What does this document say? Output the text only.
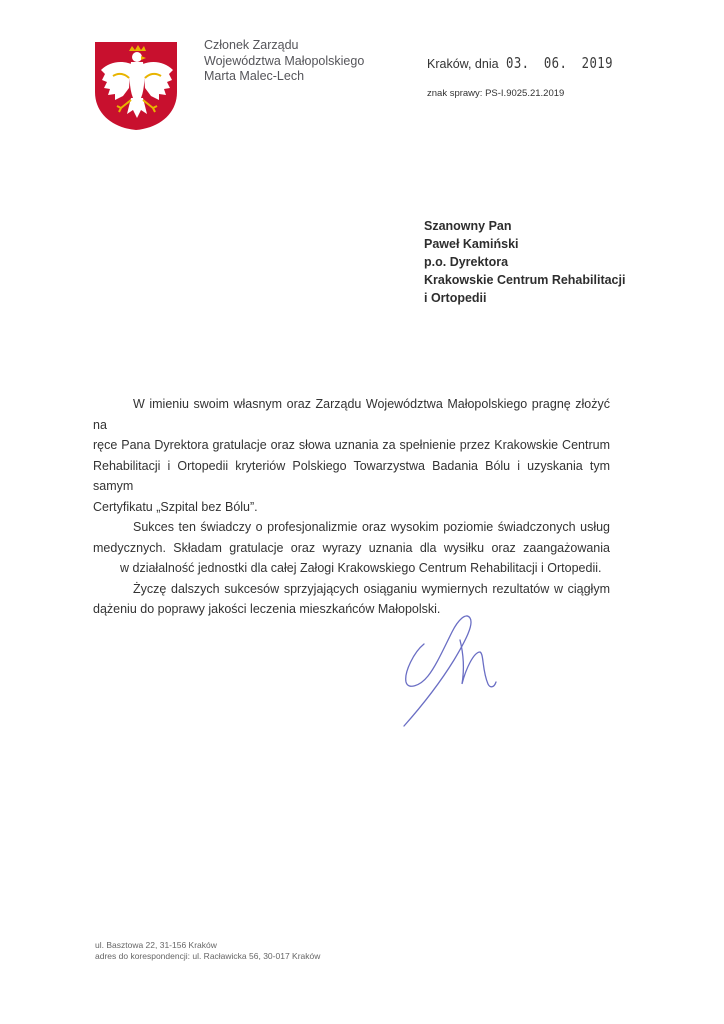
Członek Zarządu
Województwa Małopolskiego
Marta Malec-Lech
Kraków, dnia 03. 06. 2019
znak sprawy: PS-I.9025.21.2019
Szanowny Pan
Paweł Kamiński
p.o. Dyrektora
Krakowskie Centrum Rehabilitacji
i Ortopedii

W imieniu swoim własnym oraz Zarządu Województwa Małopolskiego pragnę złożyć na
ręce Pana Dyrektora gratulacje oraz słowa uznania za spełnienie przez Krakowskie Centrum
Rehabilitacji i Ortopedii kryteriów Polskiego Towarzystwa Badania Bólu i uzyskania tym samym
Certyfikatu „Szpital bez Bólu”.

Sukces ten świadczy o profesjonalizmie oraz wysokim poziomie świadczonych usług
medycznych. Składam gratulacje oraz wyrazy uznania dla wysiłku oraz zaangażowania
w działalność jednostki dla całej Załogi Krakowskiego Centrum Rehabilitacji i Ortopedii.

Życzę dalszych sukcesów sprzyjających osiąganiu wymiernych rezultatów w ciągłym
dążeniu do poprawy jakości leczenia mieszkańców Małopolski.

ul. Basztowa 22, 31-156 Kraków
adres do korespondencji: ul. Racławicka 56, 30-017 Kraków
